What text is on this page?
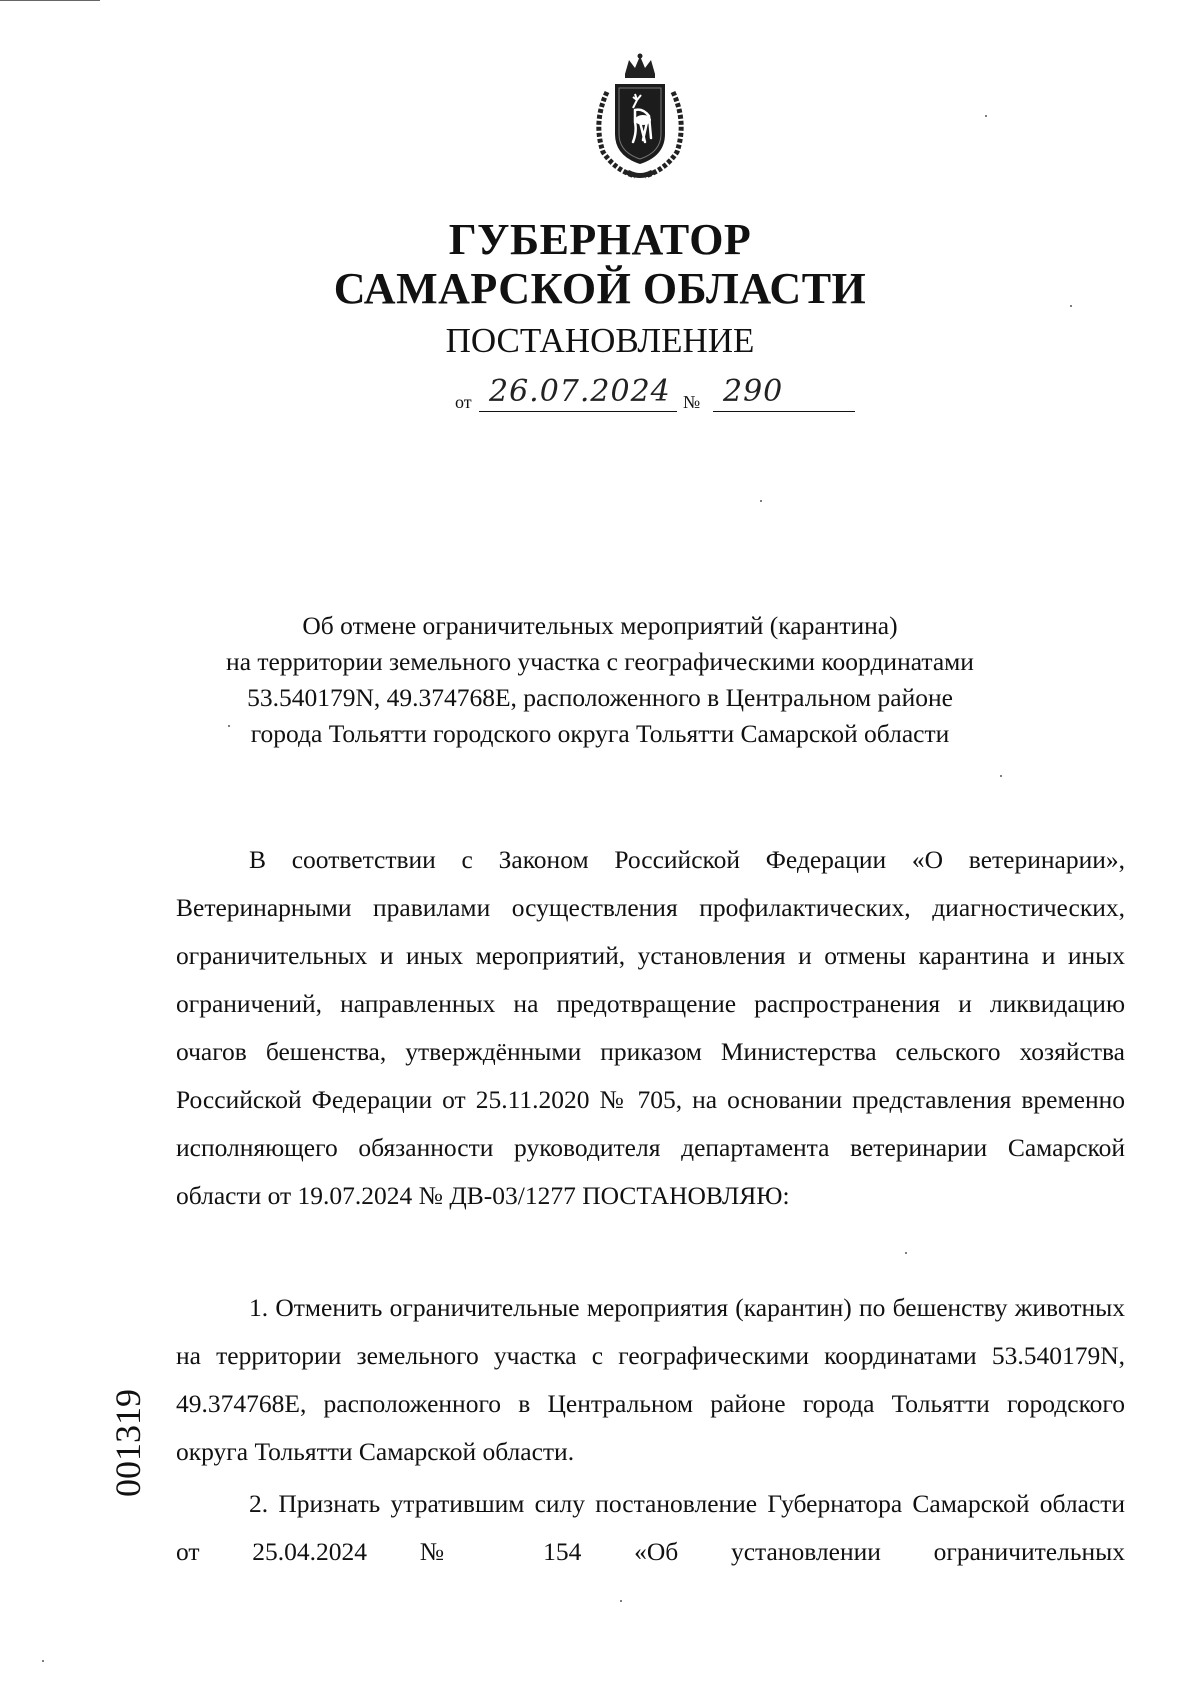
ГУБЕРНАТОР
САМАРСКОЙ ОБЛАСТИ
ПОСТАНОВЛЕНИЕ
от 26.07.2024 № 290
Об отмене ограничительных мероприятий (карантина)
на территории земельного участка с географическими координатами
53.540179N, 49.374768E, расположенного в Центральном районе
города Тольятти городского округа Тольятти Самарской области

В соответствии с Законом Российской Федерации «О ветеринарии», Ветеринарными правилами осуществления профилактических, диагностических, ограничительных и иных мероприятий, установления и отмены карантина и иных ограничений, направленных на предотвращение распространения и ликвидацию очагов бешенства, утверждёнными приказом Министерства сельского хозяйства Российской Федерации от 25.11.2020 № 705, на основании представления временно исполняющего обязанности руководителя департамента ветеринарии Самарской области от 19.07.2024 № ДВ-03/1277 ПОСТАНОВЛЯЮ:

1. Отменить ограничительные мероприятия (карантин) по бешенству животных на территории земельного участка с географическими координатами 53.540179N, 49.374768E, расположенного в Центральном районе города Тольятти городского округа Тольятти Самарской области.

2. Признать утратившим силу постановление Губернатора Самарской области от 25.04.2024 № 154 «Об установлении ограничительных

001319
